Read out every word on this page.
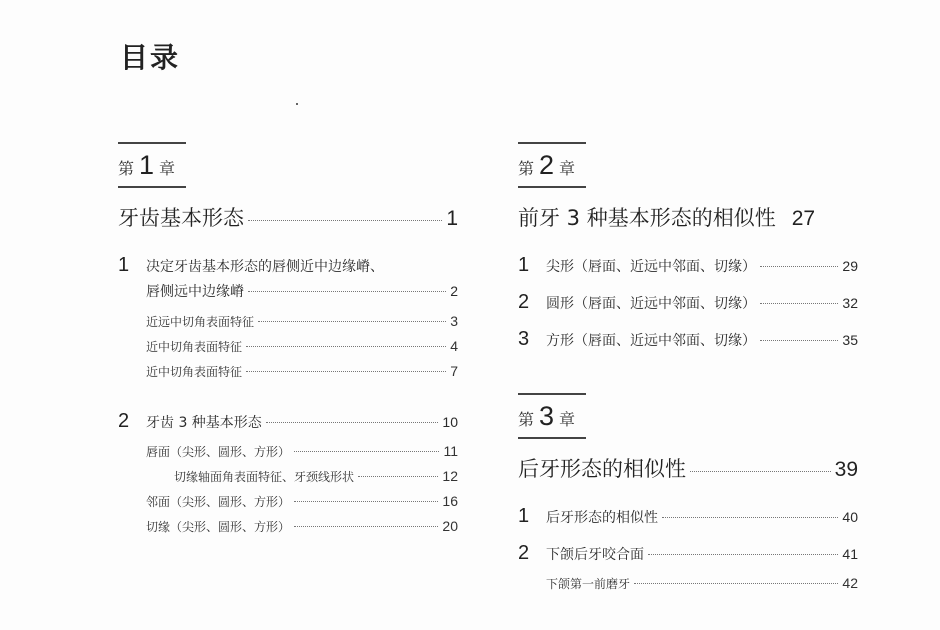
目录
第 1 章
牙齿基本形态	1
1	决定牙齿基本形态的唇侧近中边缘嵴、
唇侧远中边缘嵴	2
近远中切角表面特征	3
近中切角表面特征	4
近中切角表面特征	7
2	牙齿 3 种基本形态	10
唇面（尖形、圆形、方形）	11
切缘轴面角表面特征、牙颈线形状	12
邻面（尖形、圆形、方形）	16
切缘（尖形、圆形、方形）	20
第 2 章
前牙 3 种基本形态的相似性 27
1	尖形（唇面、近远中邻面、切缘）	29
2	圆形（唇面、近远中邻面、切缘）	32
3	方形（唇面、近远中邻面、切缘）	35
第 3 章
后牙形态的相似性	39
1	后牙形态的相似性	40
2	下颌后牙咬合面	41
下颌第一前磨牙	42
